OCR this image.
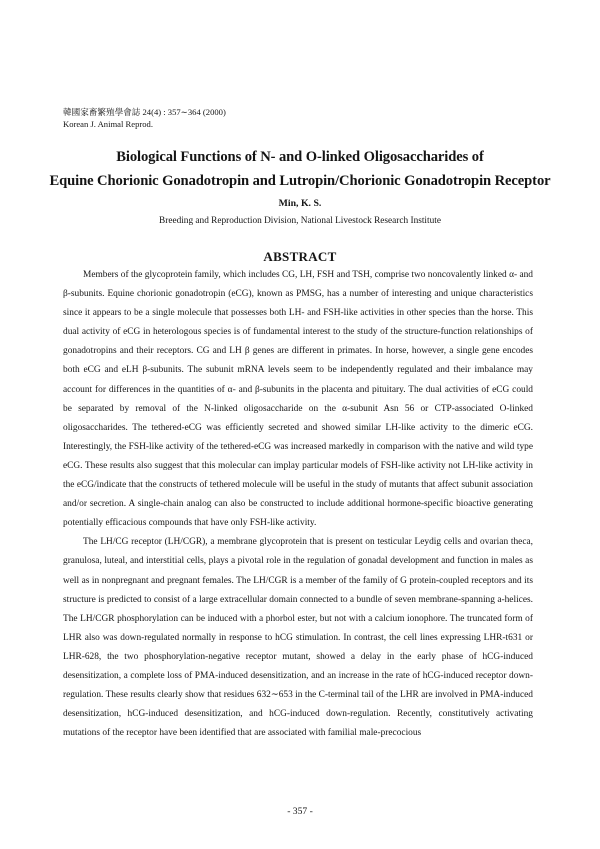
韓國家畜繁殖學會誌 24(4) : 357∼364 (2000)
Korean J. Animal Reprod.
Biological Functions of N- and O-linked Oligosaccharides of
Equine Chorionic Gonadotropin and Lutropin/Chorionic Gonadotropin Receptor
Min, K. S.
Breeding and Reproduction Division, National Livestock Research Institute
ABSTRACT

Members of the glycoprotein family, which includes CG, LH, FSH and TSH, comprise two noncovalently linked α- and β-subunits. Equine chorionic gonadotropin (eCG), known as PMSG, has a number of interesting and unique characteristics since it appears to be a single molecule that possesses both LH- and FSH-like activities in other species than the horse. This dual activity of eCG in heterologous species is of fundamental interest to the study of the structure-function relationships of gonadotropins and their receptors. CG and LH β genes are different in primates. In horse, however, a single gene encodes both eCG and eLH β-subunits. The subunit mRNA levels seem to be independently regulated and their imbalance may account for differences in the quantities of α- and β-subunits in the placenta and pituitary. The dual activities of eCG could be separated by removal of the N-linked oligosaccharide on the α-subunit Asn 56 or CTP-associated O-linked oligosaccharides. The tethered-eCG was efficiently secreted and showed similar LH-like activity to the dimeric eCG. Interestingly, the FSH-like activity of the tethered-eCG was increased markedly in comparison with the native and wild type eCG. These results also suggest that this molecular can implay particular models of FSH-like activity not LH-like activity in the eCG/indicate that the constructs of tethered molecule will be useful in the study of mutants that affect subunit association and/or secretion. A single-chain analog can also be constructed to include additional hormone-specific bioactive generating potentially efficacious compounds that have only FSH-like activity.

The LH/CG receptor (LH/CGR), a membrane glycoprotein that is present on testicular Leydig cells and ovarian theca, granulosa, luteal, and interstitial cells, plays a pivotal role in the regulation of gonadal development and function in males as well as in nonpregnant and pregnant females. The LH/CGR is a member of the family of G protein-coupled receptors and its structure is predicted to consist of a large extracellular domain connected to a bundle of seven membrane-spanning a-helices. The LH/CGR phosphorylation can be induced with a phorbol ester, but not with a calcium ionophore. The truncated form of LHR also was down-regulated normally in response to hCG stimulation. In contrast, the cell lines expressing LHR-t631 or LHR-628, the two phosphorylation-negative receptor mutant, showed a delay in the early phase of hCG-induced desensitization, a complete loss of PMA-induced desensitization, and an increase in the rate of hCG-induced receptor down-regulation. These results clearly show that residues 632∼653 in the C-terminal tail of the LHR are involved in PMA-induced desensitization, hCG-induced desensitization, and hCG-induced down-regulation. Recently, constitutively activating mutations of the receptor have been identified that are associated with familial male-precocious

- 357 -
